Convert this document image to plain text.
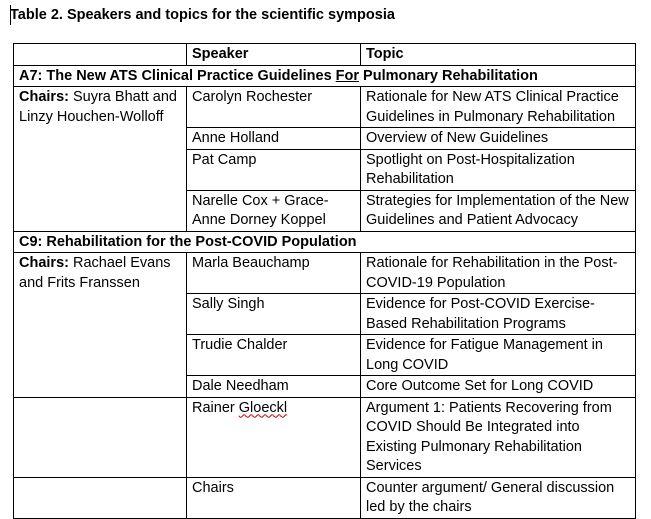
Table 2. Speakers and topics for the scientific symposia
	Speaker	Topic
A7: The New ATS Clinical Practice Guidelines For Pulmonary Rehabilitation		
Chairs: Suyra Bhatt and Linzy Houchen-Wolloff	Carolyn Rochester	Rationale for New ATS Clinical Practice Guidelines in Pulmonary Rehabilitation
	Anne Holland	Overview of New Guidelines
	Pat Camp	Spotlight on Post-Hospitalization Rehabilitation
	Narelle Cox + Grace-Anne Dorney Koppel	Strategies for Implementation of the New Guidelines and Patient Advocacy
C9: Rehabilitation for the Post-COVID Population		
Chairs: Rachael Evans and Frits Franssen	Marla Beauchamp	Rationale for Rehabilitation in the Post-COVID-19 Population
	Sally Singh	Evidence for Post-COVID Exercise-Based Rehabilitation Programs
	Trudie Chalder	Evidence for Fatigue Management in Long COVID
	Dale Needham	Core Outcome Set for Long COVID
	Rainer Gloeckl	Argument 1: Patients Recovering from COVID Should Be Integrated into Existing Pulmonary Rehabilitation Services
	Chairs	Counter argument/ General discussion led by the chairs
